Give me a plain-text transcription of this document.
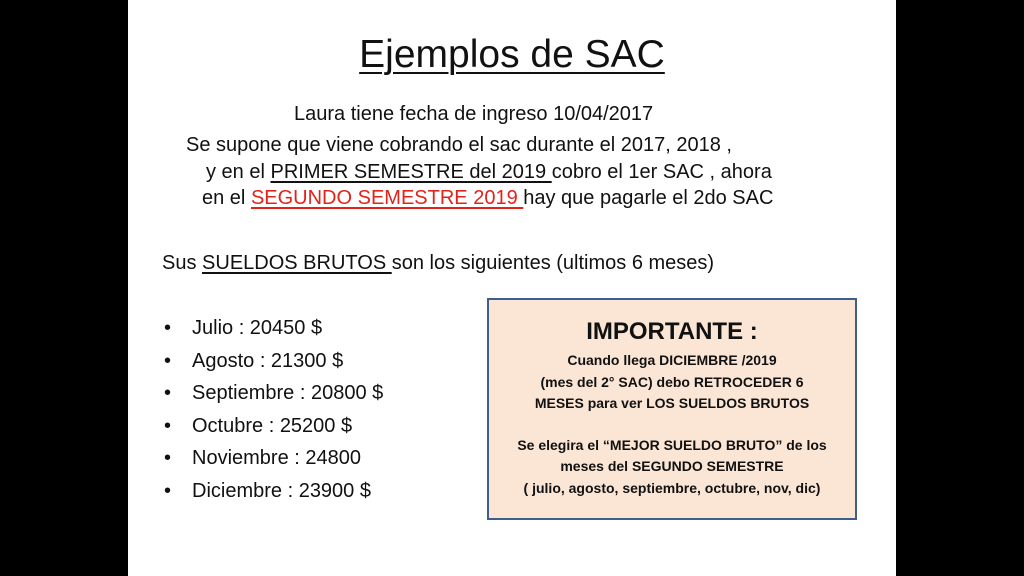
Ejemplos de SAC
Laura tiene fecha de ingreso 10/04/2017
Se supone que viene cobrando el sac durante el 2017, 2018 ,
y en el PRIMER SEMESTRE del 2019 cobro el 1er SAC , ahora
en el SEGUNDO SEMESTRE 2019 hay que pagarle el 2do SAC
Sus SUELDOS BRUTOS son los siguientes (ultimos 6 meses)
• Julio : 20450 $
• Agosto : 21300 $
• Septiembre : 20800 $
• Octubre : 25200 $
• Noviembre : 24800
• Diciembre : 23900 $
IMPORTANTE :
Cuando llega DICIEMBRE /2019
(mes del 2° SAC) debo RETROCEDER 6
MESES para ver LOS SUELDOS BRUTOS
Se elegira el “MEJOR SUELDO BRUTO” de los
meses del SEGUNDO SEMESTRE
( julio, agosto, septiembre, octubre, nov, dic)
